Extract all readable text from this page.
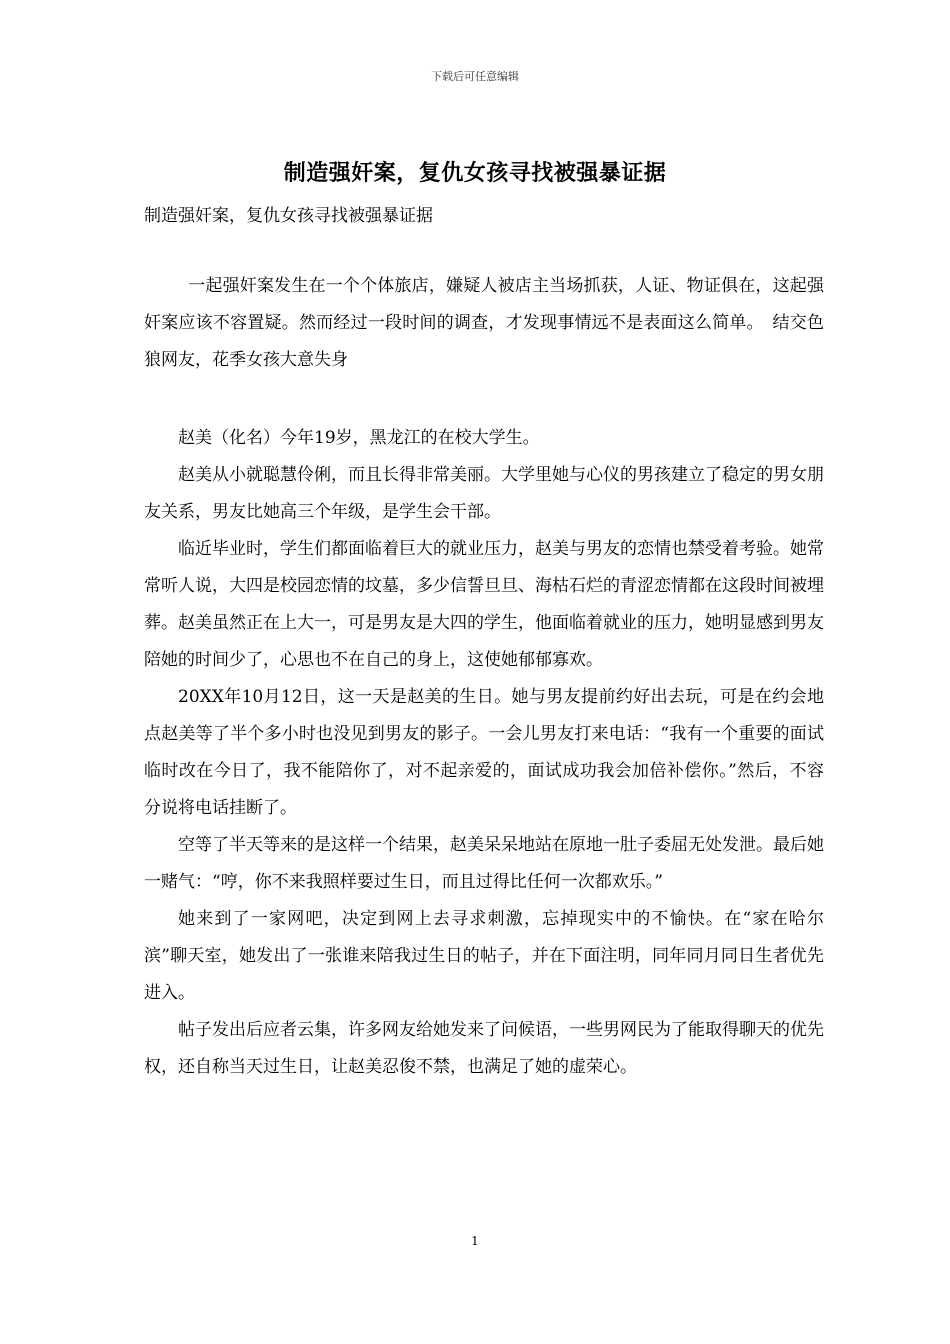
下载后可任意编辑
制造强奸案，复仇女孩寻找被强暴证据
制造强奸案，复仇女孩寻找被强暴证据

一起强奸案发生在一个个体旅店，嫌疑人被店主当场抓获，人证、物证俱在，这起强奸案应该不容置疑。然而经过一段时间的调查，才发现事情远不是表面这么简单。　结交色狼网友，花季女孩大意失身

赵美（化名）今年19岁，黑龙江的在校大学生。

赵美从小就聪慧伶俐，而且长得非常美丽。大学里她与心仪的男孩建立了稳定的男女朋友关系，男友比她高三个年级，是学生会干部。

临近毕业时，学生们都面临着巨大的就业压力，赵美与男友的恋情也禁受着考验。她常常听人说，大四是校园恋情的坟墓，多少信誓旦旦、海枯石烂的青涩恋情都在这段时间被埋葬。赵美虽然正在上大一，可是男友是大四的学生，他面临着就业的压力，她明显感到男友陪她的时间少了，心思也不在自己的身上，这使她郁郁寡欢。

20XX年10月12日，这一天是赵美的生日。她与男友提前约好出去玩，可是在约会地点赵美等了半个多小时也没见到男友的影子。一会儿男友打来电话：“我有一个重要的面试临时改在今日了，我不能陪你了，对不起亲爱的，面试成功我会加倍补偿你。”然后，不容分说将电话挂断了。

空等了半天等来的是这样一个结果，赵美呆呆地站在原地一肚子委屈无处发泄。最后她一赌气：“哼，你不来我照样要过生日，而且过得比任何一次都欢乐。”

她来到了一家网吧，决定到网上去寻求刺激，忘掉现实中的不愉快。在“家在哈尔滨”聊天室，她发出了一张谁来陪我过生日的帖子，并在下面注明，同年同月同日生者优先进入。

帖子发出后应者云集，许多网友给她发来了问候语，一些男网民为了能取得聊天的优先权，还自称当天过生日，让赵美忍俊不禁，也满足了她的虚荣心。

1
